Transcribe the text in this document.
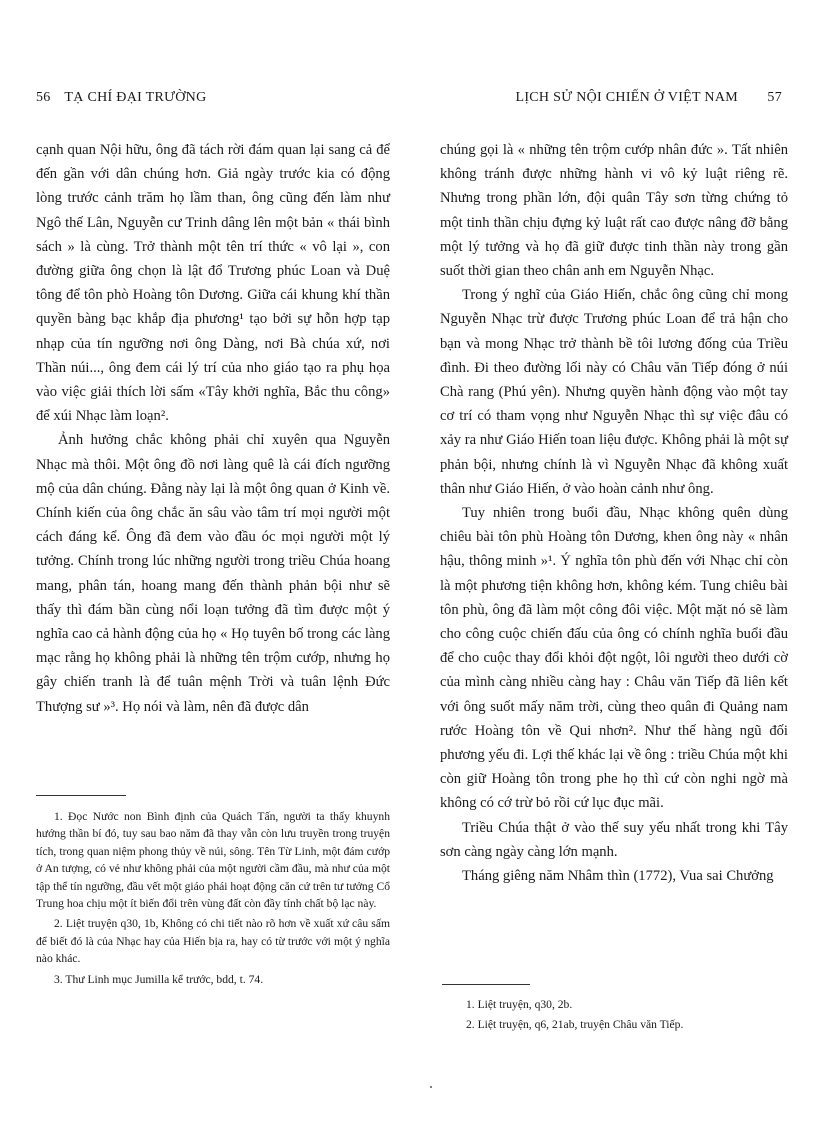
56 TẠ CHÍ ĐẠI TRƯỜNG

cạnh quan Nội hữu, ông đã tách rời đám quan lại sang cả để đến gần với dân chúng hơn. Giả ngày trước kia có động lòng trước cảnh trăm họ lầm than, ông cũng đến làm như Ngô thế Lân, Nguyễn cư Trinh dâng lên một bản « thái bình sách » là cùng. Trở thành một tên trí thức « vô lại », con đường giữa ông chọn là lật đổ Trương phúc Loan và Duệ tông để tôn phò Hoàng tôn Dương. Giữa cái khung khí thần quyền bàng bạc khắp địa phương¹ tạo bởi sự hỗn hợp tạp nhạp của tín ngưỡng nơi ông Dàng, nơi Bà chúa xứ, nơi Thần núi..., ông đem cái lý trí của nho giáo tạo ra phụ họa vào việc giải thích lời sấm «Tây khởi nghĩa, Bắc thu công» để xúi Nhạc làm loạn².

Ảnh hưởng chắc không phải chỉ xuyên qua Nguyễn Nhạc mà thôi. Một ông đồ nơi làng quê là cái đích ngưỡng mộ của dân chúng. Đằng này lại là một ông quan ở Kinh về. Chính kiến của ông chắc ăn sâu vào tâm trí mọi người một cách đáng kể. Ông đã đem vào đầu óc mọi người một lý tưởng. Chính trong lúc những người trong triều Chúa hoang mang, phân tán, hoang mang đến thành phản bội như sẽ thấy thì đám bần cùng nổi loạn tưởng đã tìm được một ý nghĩa cao cả hành động của họ « Họ tuyên bố trong các làng mạc rằng họ không phải là những tên trộm cướp, nhưng họ gây chiến tranh là để tuân mệnh Trời và tuân lệnh Đức Thượng sư »³. Họ nói và làm, nên đã được dân

1. Đọc Nước non Bình định của Quách Tấn, người ta thấy khuynh hướng thần bí đó, tuy sau bao năm đã thay vẫn còn lưu truyền trong truyện tích, trong quan niệm phong thủy về núi, sông. Tên Từ Linh, một đám cướp ở An tượng, có vẻ như không phải của một người cầm đầu, mà như của một tập thể tín ngưỡng, đầu vết một giáo phái hoạt động căn cứ trên tư tưởng Cổ Trung hoa chịu một ít biến đổi trên vùng đất còn đầy tính chất bộ lạc này.

2. Liệt truyện q30, 1b, Không có chi tiết nào rõ hơn về xuất xứ câu sấm để biết đó là của Nhạc hay của Hiến bịa ra, hay có từ trước với một ý nghĩa nào khác.

3. Thư Linh mục Jumilla kể trước, bdd, t. 74.

LỊCH SỬ NỘI CHIẾN Ở VIỆT NAM 57

chúng gọi là « những tên trộm cướp nhân đức ». Tất nhiên không tránh được những hành vi vô kỷ luật riêng rẽ. Nhưng trong phần lớn, đội quân Tây sơn từng chứng tỏ một tinh thần chịu đựng kỷ luật rất cao được nâng đỡ bằng một lý tưởng và họ đã giữ được tinh thần này trong gần suốt thời gian theo chân anh em Nguyễn Nhạc.

Trong ý nghĩ của Giáo Hiến, chắc ông cũng chỉ mong Nguyễn Nhạc trừ được Trương phúc Loan để trả hận cho bạn và mong Nhạc trở thành bề tôi lương đống của Triều đình. Đi theo đường lối này có Châu văn Tiếp đóng ở núi Chà rang (Phú yên). Nhưng quyền hành động vào một tay cơ trí có tham vọng như Nguyễn Nhạc thì sự việc đâu có xảy ra như Giáo Hiến toan liệu được. Không phải là một sự phản bội, nhưng chính là vì Nguyễn Nhạc đã không xuất thân như Giáo Hiến, ở vào hoàn cảnh như ông.

Tuy nhiên trong buổi đầu, Nhạc không quên dùng chiêu bài tôn phù Hoàng tôn Dương, khen ông này « nhân hậu, thông minh »¹. Ý nghĩa tôn phù đến với Nhạc chỉ còn là một phương tiện không hơn, không kém. Tung chiêu bài tôn phù, ông đã làm một công đôi việc. Một mặt nó sẽ làm cho công cuộc chiến đấu của ông có chính nghĩa buổi đầu để cho cuộc thay đổi khỏi đột ngột, lôi người theo dưới cờ của mình càng nhiều càng hay : Châu văn Tiếp đã liên kết với ông suốt mấy năm trời, cùng theo quân đi Quảng nam rước Hoàng tôn về Qui nhơn². Như thế hàng ngũ đối phương yếu đi. Lợi thế khác lại về ông : triều Chúa một khi còn giữ Hoàng tôn trong phe họ thì cứ còn nghi ngờ mà không có cớ trừ bỏ rồi cứ lục đục mãi.

Triều Chúa thật ở vào thế suy yếu nhất trong khi Tây sơn càng ngày càng lớn mạnh.

Tháng giêng năm Nhâm thìn (1772), Vua sai Chưởng

1. Liệt truyện, q30, 2b.

2. Liệt truyện, q6, 21ab, truyện Châu văn Tiếp.
